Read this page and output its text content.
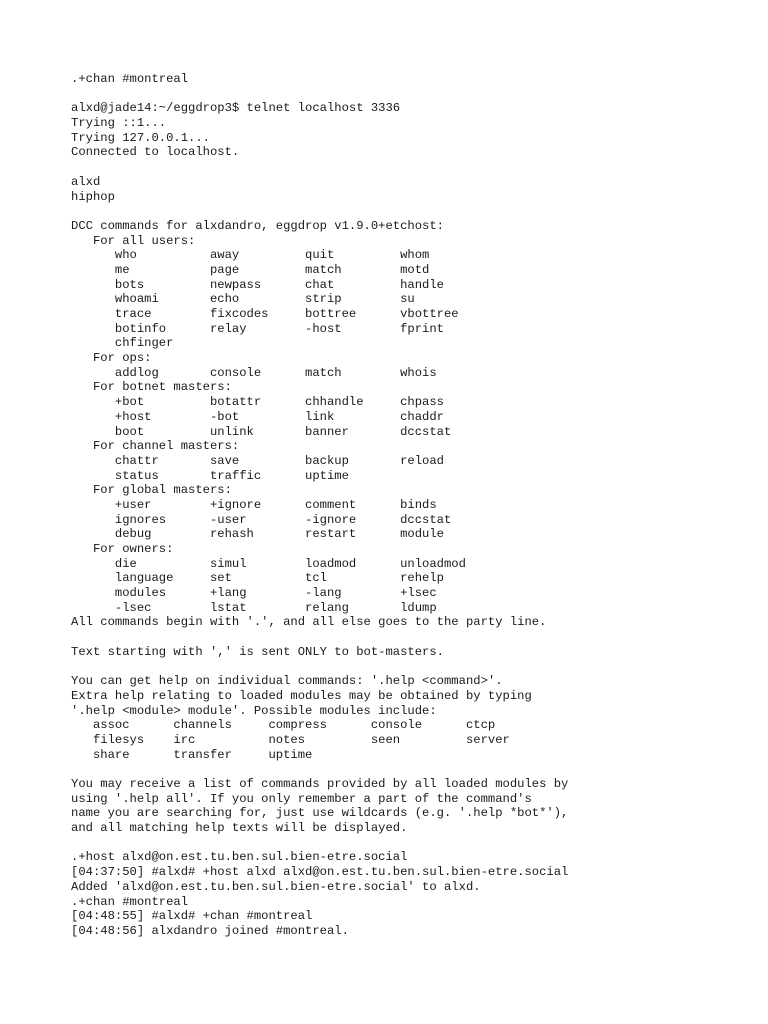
.+chan #montreal
alxd@jade14:~/eggdrop3$ telnet localhost 3336
Trying ::1...
Trying 127.0.0.1...
Connected to localhost.
alxd
hiphop
DCC commands for alxdandro, eggdrop v1.9.0+etchost:
For all users:
who          away         quit         whom
me           page         match        motd
bots         newpass      chat         handle
whoami       echo         strip        su
trace        fixcodes     bottree      vbottree
botinfo      relay        -host        fprint
chfinger
For ops:
addlog       console      match        whois
For botnet masters:
+bot         botattr      chhandle     chpass
+host        -bot         link         chaddr
boot         unlink       banner       dccstat
For channel masters:
chattr       save         backup       reload
status       traffic      uptime
For global masters:
+user        +ignore      comment      binds
ignores      -user        -ignore      dccstat
debug        rehash       restart      module
For owners:
die          simul        loadmod      unloadmod
language     set          tcl          rehelp
modules      +lang        -lang        +lsec
-lsec        lstat        relang       ldump
All commands begin with '.', and all else goes to the party line.
Text starting with ',' is sent ONLY to bot-masters.
You can get help on individual commands: '.help <command>'.
Extra help relating to loaded modules may be obtained by typing
'.help <module> module'. Possible modules include:
assoc      channels     compress      console      ctcp
filesys    irc          notes         seen         server
share      transfer     uptime
You may receive a list of commands provided by all loaded modules by
using '.help all'. If you only remember a part of the command's
name you are searching for, just use wildcards (e.g. '.help *bot*'),
and all matching help texts will be displayed.
.+host alxd@on.est.tu.ben.sul.bien-etre.social
[04:37:50] #alxd# +host alxd alxd@on.est.tu.ben.sul.bien-etre.social
Added 'alxd@on.est.tu.ben.sul.bien-etre.social' to alxd.
.+chan #montreal
[04:48:55] #alxd# +chan #montreal
[04:48:56] alxdandro joined #montreal.
